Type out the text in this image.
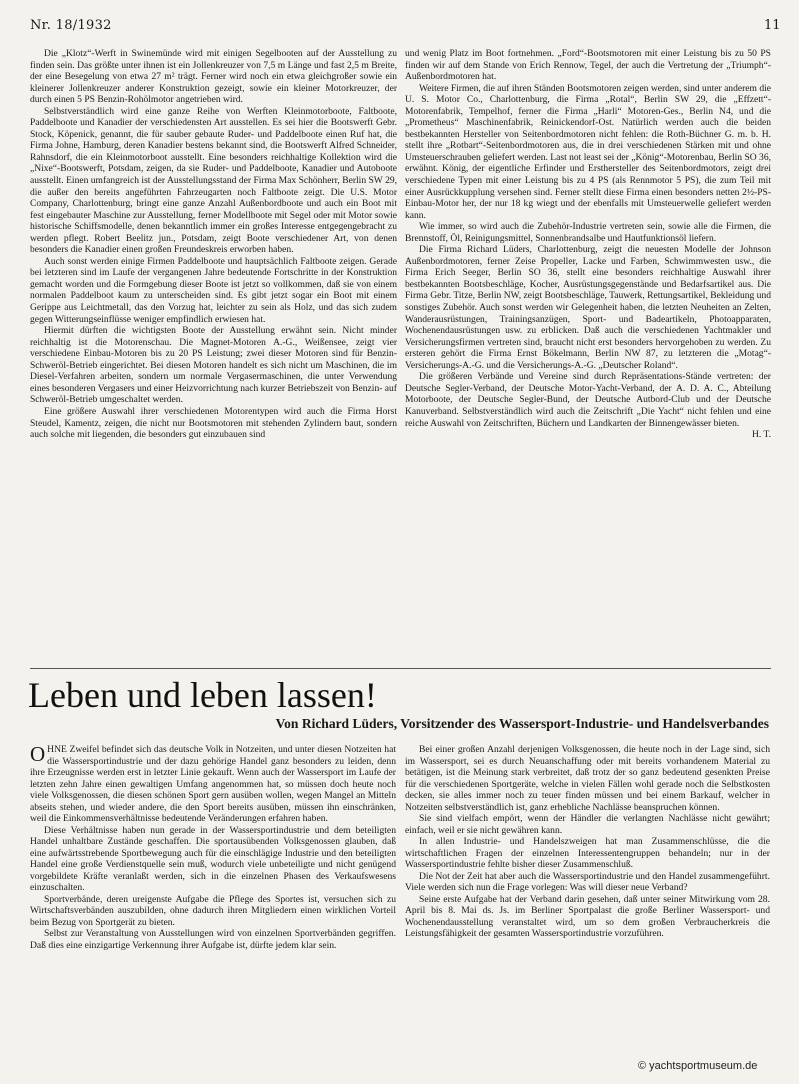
Nr. 18/1932	11

Die „Klotz“-Werft in Swinemünde wird mit einigen Segelbooten auf der Ausstellung zu finden sein. Das größte unter ihnen ist ein Jollenkreuzer von 7,5 m Länge und fast 2,5 m Breite, der eine Besegelung von etwa 27 m² trägt. Ferner wird noch ein etwa gleichgroßer sowie ein kleinerer Jollenkreuzer anderer Konstruktion gezeigt, sowie ein kleiner Motorkreuzer, der durch einen 5 PS Benzin-Rohölmotor angetrieben wird.

Selbstverständlich wird eine ganze Reihe von Werften Kleinmotorboote, Faltboote, Paddelboote und Kanadier der verschiedensten Art ausstellen. Es sei hier die Bootswerft Gebr. Stock, Köpenick, genannt, die für sauber gebaute Ruder- und Paddelboote einen Ruf hat, die Firma Johne, Hamburg, deren Kanadier bestens bekannt sind, die Bootswerft Alfred Schneider, Rahnsdorf, die ein Kleinmotorboot ausstellt. Eine besonders reichhaltige Kollektion wird die „Nixe“-Bootswerft, Potsdam, zeigen, da sie Ruder- und Paddelboote, Kanadier und Autoboote ausstellt. Einen umfangreich ist der Ausstellungsstand der Firma Max Schönherr, Berlin SW 29, die außer den bereits angeführten Fahrzeugarten noch Faltboote zeigt. Die U.S. Motor Company, Charlottenburg, bringt eine ganze Anzahl Außenbordboote und auch ein Boot mit fest eingebauter Maschine zur Ausstellung, ferner Modellboote mit Segel oder mit Motor sowie historische Schiffsmodelle, denen bekanntlich immer ein großes Interesse entgegengebracht zu werden pflegt. Robert Beelitz jun., Potsdam, zeigt Boote verschiedener Art, von denen besonders die Kanadier einen großen Freundeskreis erworben haben.

Auch sonst werden einige Firmen Paddelboote und hauptsächlich Faltboote zeigen. Gerade bei letzteren sind im Laufe der vergangenen Jahre bedeutende Fortschritte in der Konstruktion gemacht worden und die Formgebung dieser Boote ist jetzt so vollkommen, daß sie von einem normalen Paddelboot kaum zu unterscheiden sind. Es gibt jetzt sogar ein Boot mit einem Gerippe aus Leichtmetall, das den Vorzug hat, leichter zu sein als Holz, und das sich zudem gegen Witterungseinflüsse weniger empfindlich erwiesen hat.

Hiermit dürften die wichtigsten Boote der Ausstellung erwähnt sein. Nicht minder reichhaltig ist die Motorenschau. Die Magnet-Motoren A.-G., Weißensee, zeigt vier verschiedene Einbau-Motoren bis zu 20 PS Leistung; zwei dieser Motoren sind für Benzin-Schweröl-Betrieb eingerichtet. Bei diesen Motoren handelt es sich nicht um Maschinen, die im Diesel-Verfahren arbeiten, sondern um normale Vergasermaschinen, die unter Verwendung eines besonderen Vergasers und einer Heizvorrichtung nach kurzer Betriebszeit von Benzin- auf Schweröl-Betrieb umgeschaltet werden.

Eine größere Auswahl ihrer verschiedenen Motorentypen wird auch die Firma Horst Steudel, Kamentz, zeigen, die nicht nur Bootsmotoren mit stehenden Zylindern baut, sondern auch solche mit liegenden, die besonders gut einzubauen sind

und wenig Platz im Boot fortnehmen. „Ford“-Bootsmotoren mit einer Leistung bis zu 50 PS finden wir auf dem Stande von Erich Rennow, Tegel, der auch die Vertretung der „Triumph“-Außenbordmotoren hat.

Weitere Firmen, die auf ihren Ständen Bootsmotoren zeigen werden, sind unter anderem die U. S. Motor Co., Charlottenburg, die Firma „Rotal“, Berlin SW 29, die „Effzett“-Motorenfabrik, Tempelhof, ferner die Firma „Harli“ Motoren-Ges., Berlin N4, und die „Prometheus“ Maschinenfabrik, Reinickendorf-Ost. Natürlich werden auch die beiden bestbekannten Hersteller von Seitenbordmotoren nicht fehlen: die Roth-Büchner G. m. b. H. stellt ihre „Rotbart“-Seitenbordmotoren aus, die in drei verschiedenen Stärken mit und ohne Umsteuerschrauben geliefert werden. Last not least sei der „König“-Motorenbau, Berlin SO 36, erwähnt. König, der eigentliche Erfinder und Ersthersteller des Seitenbordmotors, zeigt drei verschiedene Typen mit einer Leistung bis zu 4 PS (als Rennmotor 5 PS), die zum Teil mit einer Ausrückkupplung versehen sind. Ferner stellt diese Firma einen besonders netten 2½-PS-Einbau-Motor her, der nur 18 kg wiegt und der ebenfalls mit Umsteuerwelle geliefert werden kann.

Wie immer, so wird auch die Zubehör-Industrie vertreten sein, sowie alle die Firmen, die Brennstoff, Öl, Reinigungsmittel, Sonnenbrandsalbe und Hautfunktionsöl liefern.

Die Firma Richard Lüders, Charlottenburg, zeigt die neuesten Modelle der Johnson Außenbordmotoren, ferner Zeise Propeller, Lacke und Farben, Schwimmwesten usw., die Firma Erich Seeger, Berlin SO 36, stellt eine besonders reichhaltige Auswahl ihrer bestbekannten Bootsbeschläge, Kocher, Ausrüstungsgegenstände und Bedarfsartikel aus. Die Firma Gebr. Titze, Berlin NW, zeigt Bootsbeschläge, Tauwerk, Rettungsartikel, Bekleidung und sonstiges Zubehör. Auch sonst werden wir Gelegenheit haben, die letzten Neuheiten an Zelten, Wanderausrüstungen, Trainingsanzügen, Sport- und Badeartikeln, Photoapparaten, Wochenendausrüstungen usw. zu erblicken. Daß auch die verschiedenen Yachtmakler und Versicherungsfirmen vertreten sind, braucht nicht erst besonders hervorgehoben zu werden. Zu ersteren gehört die Firma Ernst Bökelmann, Berlin NW 87, zu letzteren die „Motag“-Versicherungs-A.-G. und die Versicherungs-A.-G. „Deutscher Roland“.

Die größeren Verbände und Vereine sind durch Repräsentations-Stände vertreten: der Deutsche Segler-Verband, der Deutsche Motor-Yacht-Verband, der A. D. A. C., Abteilung Motorboote, der Deutsche Segler-Bund, der Deutsche Autbord-Club und der Deutsche Kanuverband. Selbstverständlich wird auch die Zeitschrift „Die Yacht“ nicht fehlen und eine reiche Auswahl von Zeitschriften, Büchern und Landkarten der Binnengewässer bieten.

H. T.

Leben und leben lassen!
Von Richard Lüders, Vorsitzender des Wassersport-Industrie- und Handelsverbandes

OHNE Zweifel befindet sich das deutsche Volk in Notzeiten, und unter diesen Notzeiten hat die Wassersportindustrie und der dazu gehörige Handel ganz besonders zu leiden, denn ihre Erzeugnisse werden erst in letzter Linie gekauft. Wenn auch der Wassersport im Laufe der letzten zehn Jahre einen gewaltigen Umfang angenommen hat, so müssen doch heute noch viele Volksgenossen, die diesen schönen Sport gern ausüben wollen, wegen Mangel an Mitteln abseits stehen, und wieder andere, die den Sport bereits ausüben, müssen ihn einschränken, weil die Einkommensverhältnisse bedeutende Veränderungen erfahren haben.

Diese Verhältnisse haben nun gerade in der Wassersportindustrie und dem beteiligten Handel unhaltbare Zustände geschaffen. Die sportausübenden Volksgenossen glauben, daß eine aufwärtsstrebende Sportbewegung auch für die einschlägige Industrie und den beteiligten Handel eine große Verdienstquelle sein muß, wodurch viele unbeteiligte und nicht genügend vorgebildete Kräfte veranlaßt werden, sich in die einzelnen Phasen des Verkaufswesens einzuschalten.

Sportverbände, deren ureigenste Aufgabe die Pflege des Sportes ist, versuchen sich zu Wirtschaftsverbänden auszubilden, ohne dadurch ihren Mitgliedern einen wirklichen Vorteil beim Bezug von Sportgerät zu bieten.

Selbst zur Veranstaltung von Ausstellungen wird von einzelnen Sportverbänden gegriffen. Daß dies eine einzigartige Verkennung ihrer Aufgabe ist, dürfte jedem klar sein.

Bei einer großen Anzahl derjenigen Volksgenossen, die heute noch in der Lage sind, sich im Wassersport, sei es durch Neuanschaffung oder mit bereits vorhandenem Material zu betätigen, ist die Meinung stark verbreitet, daß trotz der so ganz bedeutend gesenkten Preise für die verschiedenen Sportgeräte, welche in vielen Fällen wohl gerade noch die Selbstkosten decken, sie alles immer noch zu teuer finden müssen und bei einem Barkauf, welcher in Notzeiten selbstverständlich ist, ganz erhebliche Nachlässe beanspruchen können.

Sie sind vielfach empört, wenn der Händler die verlangten Nachlässe nicht gewährt; einfach, weil er sie nicht gewähren kann.

In allen Industrie- und Handelszweigen hat man Zusammenschlüsse, die die wirtschaftlichen Fragen der einzelnen Interessentengruppen behandeln; nur in der Wassersportindustrie fehlte bisher dieser Zusammenschluß.

Die Not der Zeit hat aber auch die Wassersportindustrie und den Handel zusammengeführt. Viele werden sich nun die Frage vorlegen: Was will dieser neue Verband?

Seine erste Aufgabe hat der Verband darin gesehen, daß unter seiner Mitwirkung vom 28. April bis 8. Mai ds. Js. im Berliner Sportpalast die große Berliner Wassersport- und Wochenendausstellung veranstaltet wird, um so dem großen Verbraucherkreis die Leistungsfähigkeit der gesamten Wassersportindustrie vorzuführen.

© yachtsportmuseum.de
